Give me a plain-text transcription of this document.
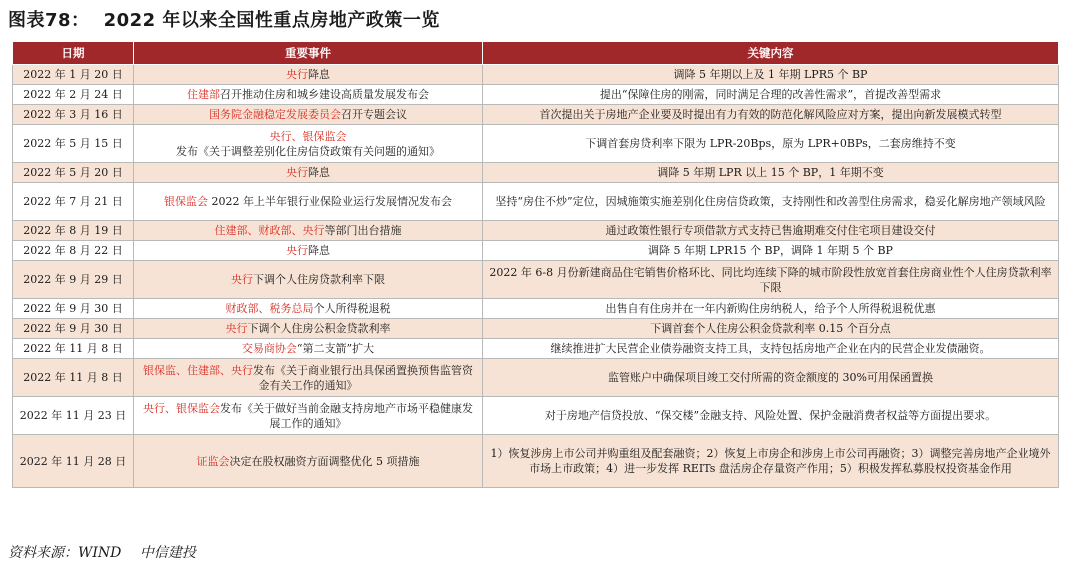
图表78： 2022 年以来全国性重点房地产政策一览
日期	重要事件	关键内容
2022 年 1 月 20 日	央行降息	调降 5 年期以上及 1 年期 LPR5 个 BP
2022 年 2 月 24 日	住建部召开推动住房和城乡建设高质量发展发布会	提出“保障住房的刚需，同时满足合理的改善性需求”，首提改善型需求
2022 年 3 月 16 日	国务院金融稳定发展委员会召开专题会议	首次提出关于房地产企业要及时提出有力有效的防范化解风险应对方案，提出向新发展模式转型
2022 年 5 月 15 日	央行、银保监会发布《关于调整差别化住房信贷政策有关问题的通知》	下调首套房贷利率下限为 LPR-20Bps，原为 LPR+0BPs，二套房维持不变
2022 年 5 月 20 日	央行降息	调降 5 年期 LPR 以上 15 个 BP，1 年期不变
2022 年 7 月 21 日	银保监会 2022 年上半年银行业保险业运行发展情况发布会	坚持“房住不炒”定位，因城施策实施差别化住房信贷政策，支持刚性和改善型住房需求，稳妥化解房地产领域风险
2022 年 8 月 19 日	住建部、财政部、央行等部门出台措施	通过政策性银行专项借款方式支持已售逾期难交付住宅项目建设交付
2022 年 8 月 22 日	央行降息	调降 5 年期 LPR15 个 BP，调降 1 年期 5 个 BP
2022 年 9 月 29 日	央行下调个人住房贷款利率下限	2022 年 6-8 月份新建商品住宅销售价格环比、同比均连续下降的城市阶段性放宽首套住房商业性个人住房贷款利率下限
2022 年 9 月 30 日	财政部、税务总局个人所得税退税	出售自有住房并在一年内新购住房纳税人，给予个人所得税退税优惠
2022 年 9 月 30 日	央行下调个人住房公积金贷款利率	下调首套个人住房公积金贷款利率 0.15 个百分点
2022 年 11 月 8 日	交易商协会“第二支箭”扩大	继续推进扩大民营企业债券融资支持工具，支持包括房地产企业在内的民营企业发债融资。
2022 年 11 月 8 日	银保监、住建部、央行发布《关于商业银行出具保函置换预售监管资金有关工作的通知》	监管账户中确保项目竣工交付所需的资金额度的 30%可用保函置换
2022 年 11 月 23 日	央行、银保监会发布《关于做好当前金融支持房地产市场平稳健康发展工作的通知》	对于房地产信贷投放、“保交楼”金融支持、风险处置、保护金融消费者权益等方面提出要求。
2022 年 11 月 28 日	证监会决定在股权融资方面调整优化 5 项措施	1）恢复涉房上市公司并购重组及配套融资；2）恢复上市房企和涉房上市公司再融资；3）调整完善房地产企业境外市场上市政策；4）进一步发挥 REITs 盘活房企存量资产作用；5）积极发挥私募股权投资基金作用
资料来源：WIND　 中信建投
